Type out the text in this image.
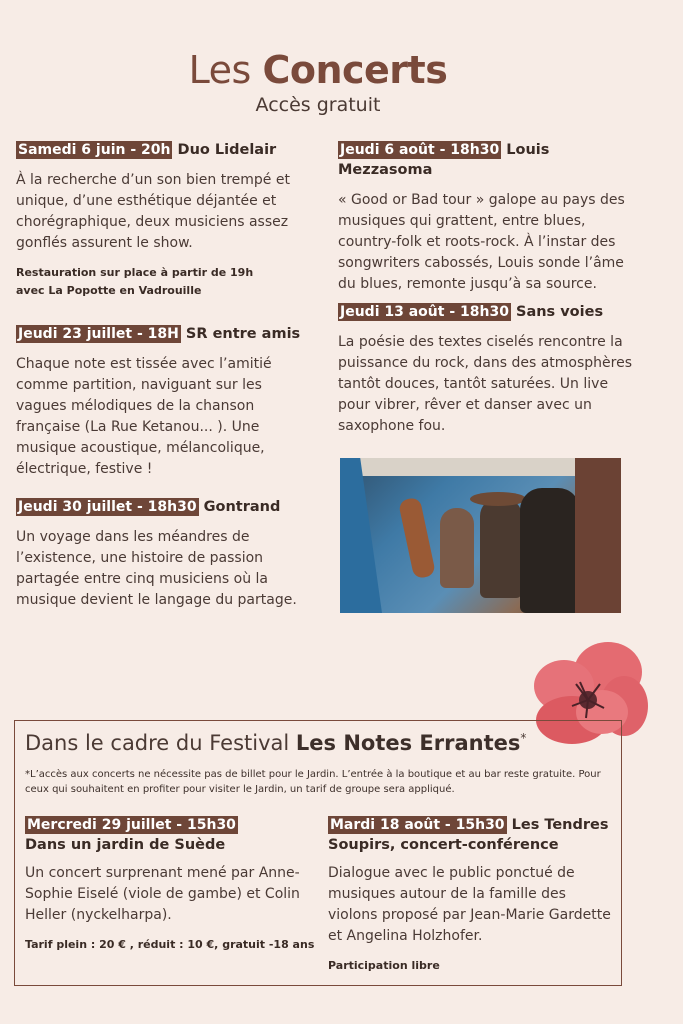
Les Concerts
Accès gratuit
Samedi 6 juin - 20h Duo Lidelair
À la recherche d’un son bien trempé et unique, d’une esthétique déjantée et chorégraphique, deux musiciens assez gonflés assurent le show.
Restauration sur place à partir de 19h
avec La Popotte en Vadrouille
Jeudi 23 juillet - 18H SR entre amis
Chaque note est tissée avec l’amitié comme partition, naviguant sur les vagues mélodiques de la chanson française (La Rue Ketanou... ). Une musique acoustique, mélancolique, électrique, festive !
Jeudi 30 juillet - 18h30 Gontrand
Un voyage dans les méandres de l’existence, une histoire de passion partagée entre cinq musiciens où la musique devient le langage du partage.
Jeudi 6 août - 18h30 Louis Mezzasoma
« Good or Bad tour » galope au pays des musiques qui grattent, entre blues, country-folk et roots-rock. À l’instar des songwriters cabossés, Louis sonde l’âme du blues, remonte jusqu’à sa source.
Jeudi 13 août - 18h30 Sans voies
La poésie des textes ciselés rencontre la puissance du rock, dans des atmosphères tantôt douces, tantôt saturées. Un live pour vibrer, rêver et danser avec un saxophone fou.
Dans le cadre du Festival Les Notes Errantes*
*L’accès aux concerts ne nécessite pas de billet pour le Jardin. L’entrée à la boutique et au bar reste gratuite. Pour ceux qui souhaitent en profiter pour visiter le Jardin, un tarif de groupe sera appliqué.
Mercredi 29 juillet - 15h30
Dans un jardin de Suède
Un concert surprenant mené par Anne-Sophie Eiselé (viole de gambe) et Colin Heller (nyckelharpa).
Tarif plein : 20 € , réduit : 10 €, gratuit -18 ans
Mardi 18 août - 15h30 Les Tendres Soupirs, concert-conférence
Dialogue avec le public ponctué de musiques autour de la famille des violons proposé par Jean-Marie Gardette et Angelina Holzhofer.
Participation libre
